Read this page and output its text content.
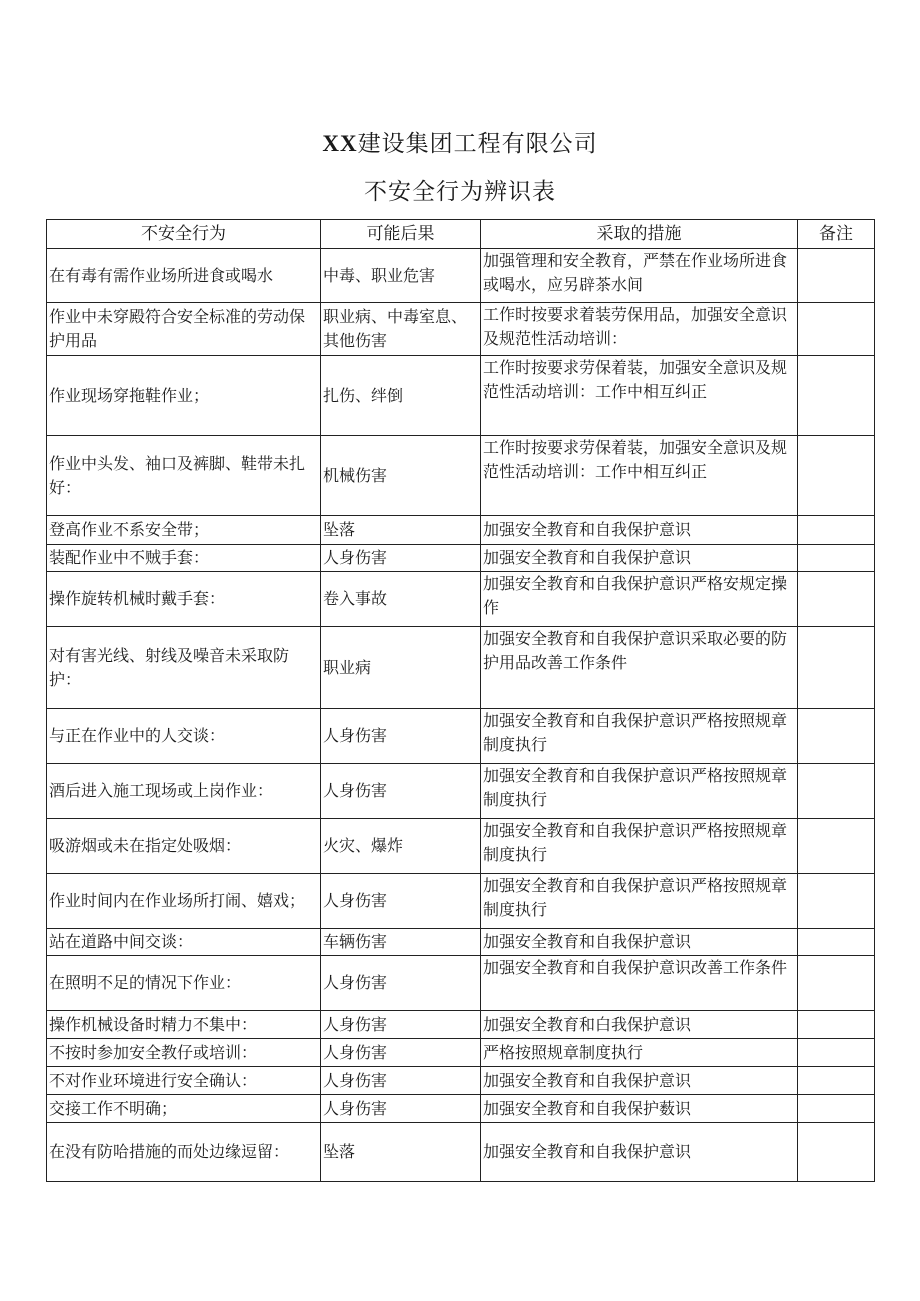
XX建设集团工程有限公司
不安全行为辨识表
不安全行为	可能后果	采取的措施	备注
在有毒有需作业场所进食或喝水	中毒、职业危害	加强管理和安全教育，严禁在作业场所进食或喝水，应另辟茶水间	
作业中未穿殿符合安全标准的劳动保护用品	职业病、中毒室息、其他伤害	工作时按要求着装劳保用品，加强安全意识及规范性活动培训：	
作业现场穿拖鞋作业；	扎伤、绊倒	工作时按要求劳保着装，加强安全意识及规范性活动培训：工作中相互纠正	
作业中头发、袖口及裤脚、鞋带未扎好：	机械伤害	工作时按要求劳保着装，加强安全意识及规范性活动培训：工作中相互纠正	
登高作业不系安全带；	坠落	加强安全教育和自我保护意识	
装配作业中不贼手套：	人身伤害	加强安全教育和自我保护意识	
操作旋转机械时戴手套：	卷入事故	加强安全教育和自我保护意识严格安规定操作	
对有害光线、射线及噪音未采取防护：	职业病	加强安全教育和自我保护意识采取必要的防护用品改善工作条件	
与正在作业中的人交谈：	人身伤害	加强安全教育和自我保护意识严格按照规章制度执行	
酒后进入施工现场或上岗作业：	人身伤害	加强安全教育和自我保护意识严格按照规章制度执行	
吸游烟或未在指定处吸烟：	火灾、爆炸	加强安全教育和自我保护意识严格按照规章制度执行	
作业时间内在作业场所打闹、嬉戏；	人身伤害	加强安全教育和自我保护意识严格按照规章制度执行	
站在道路中间交谈：	车辆伤害	加强安全教育和自我保护意识	
在照明不足的情况下作业：	人身伤害	加强安全教育和自我保护意识改善工作条件	
操作机械设备时精力不集中：	人身伤害	加强安全教育和白我保护意识	
不按时参加安全教仔或培训：	人身伤害	严格按照规章制度执行	
不对作业环境进行安全确认：	人身伤害	加强安全教育和自我保护意识	
交接工作不明确；	人身伤害	加强安全教育和自我保护薮识	
在没有防哈措施的而处边缘逗留：	坠落	加强安全教育和自我保护意识	
